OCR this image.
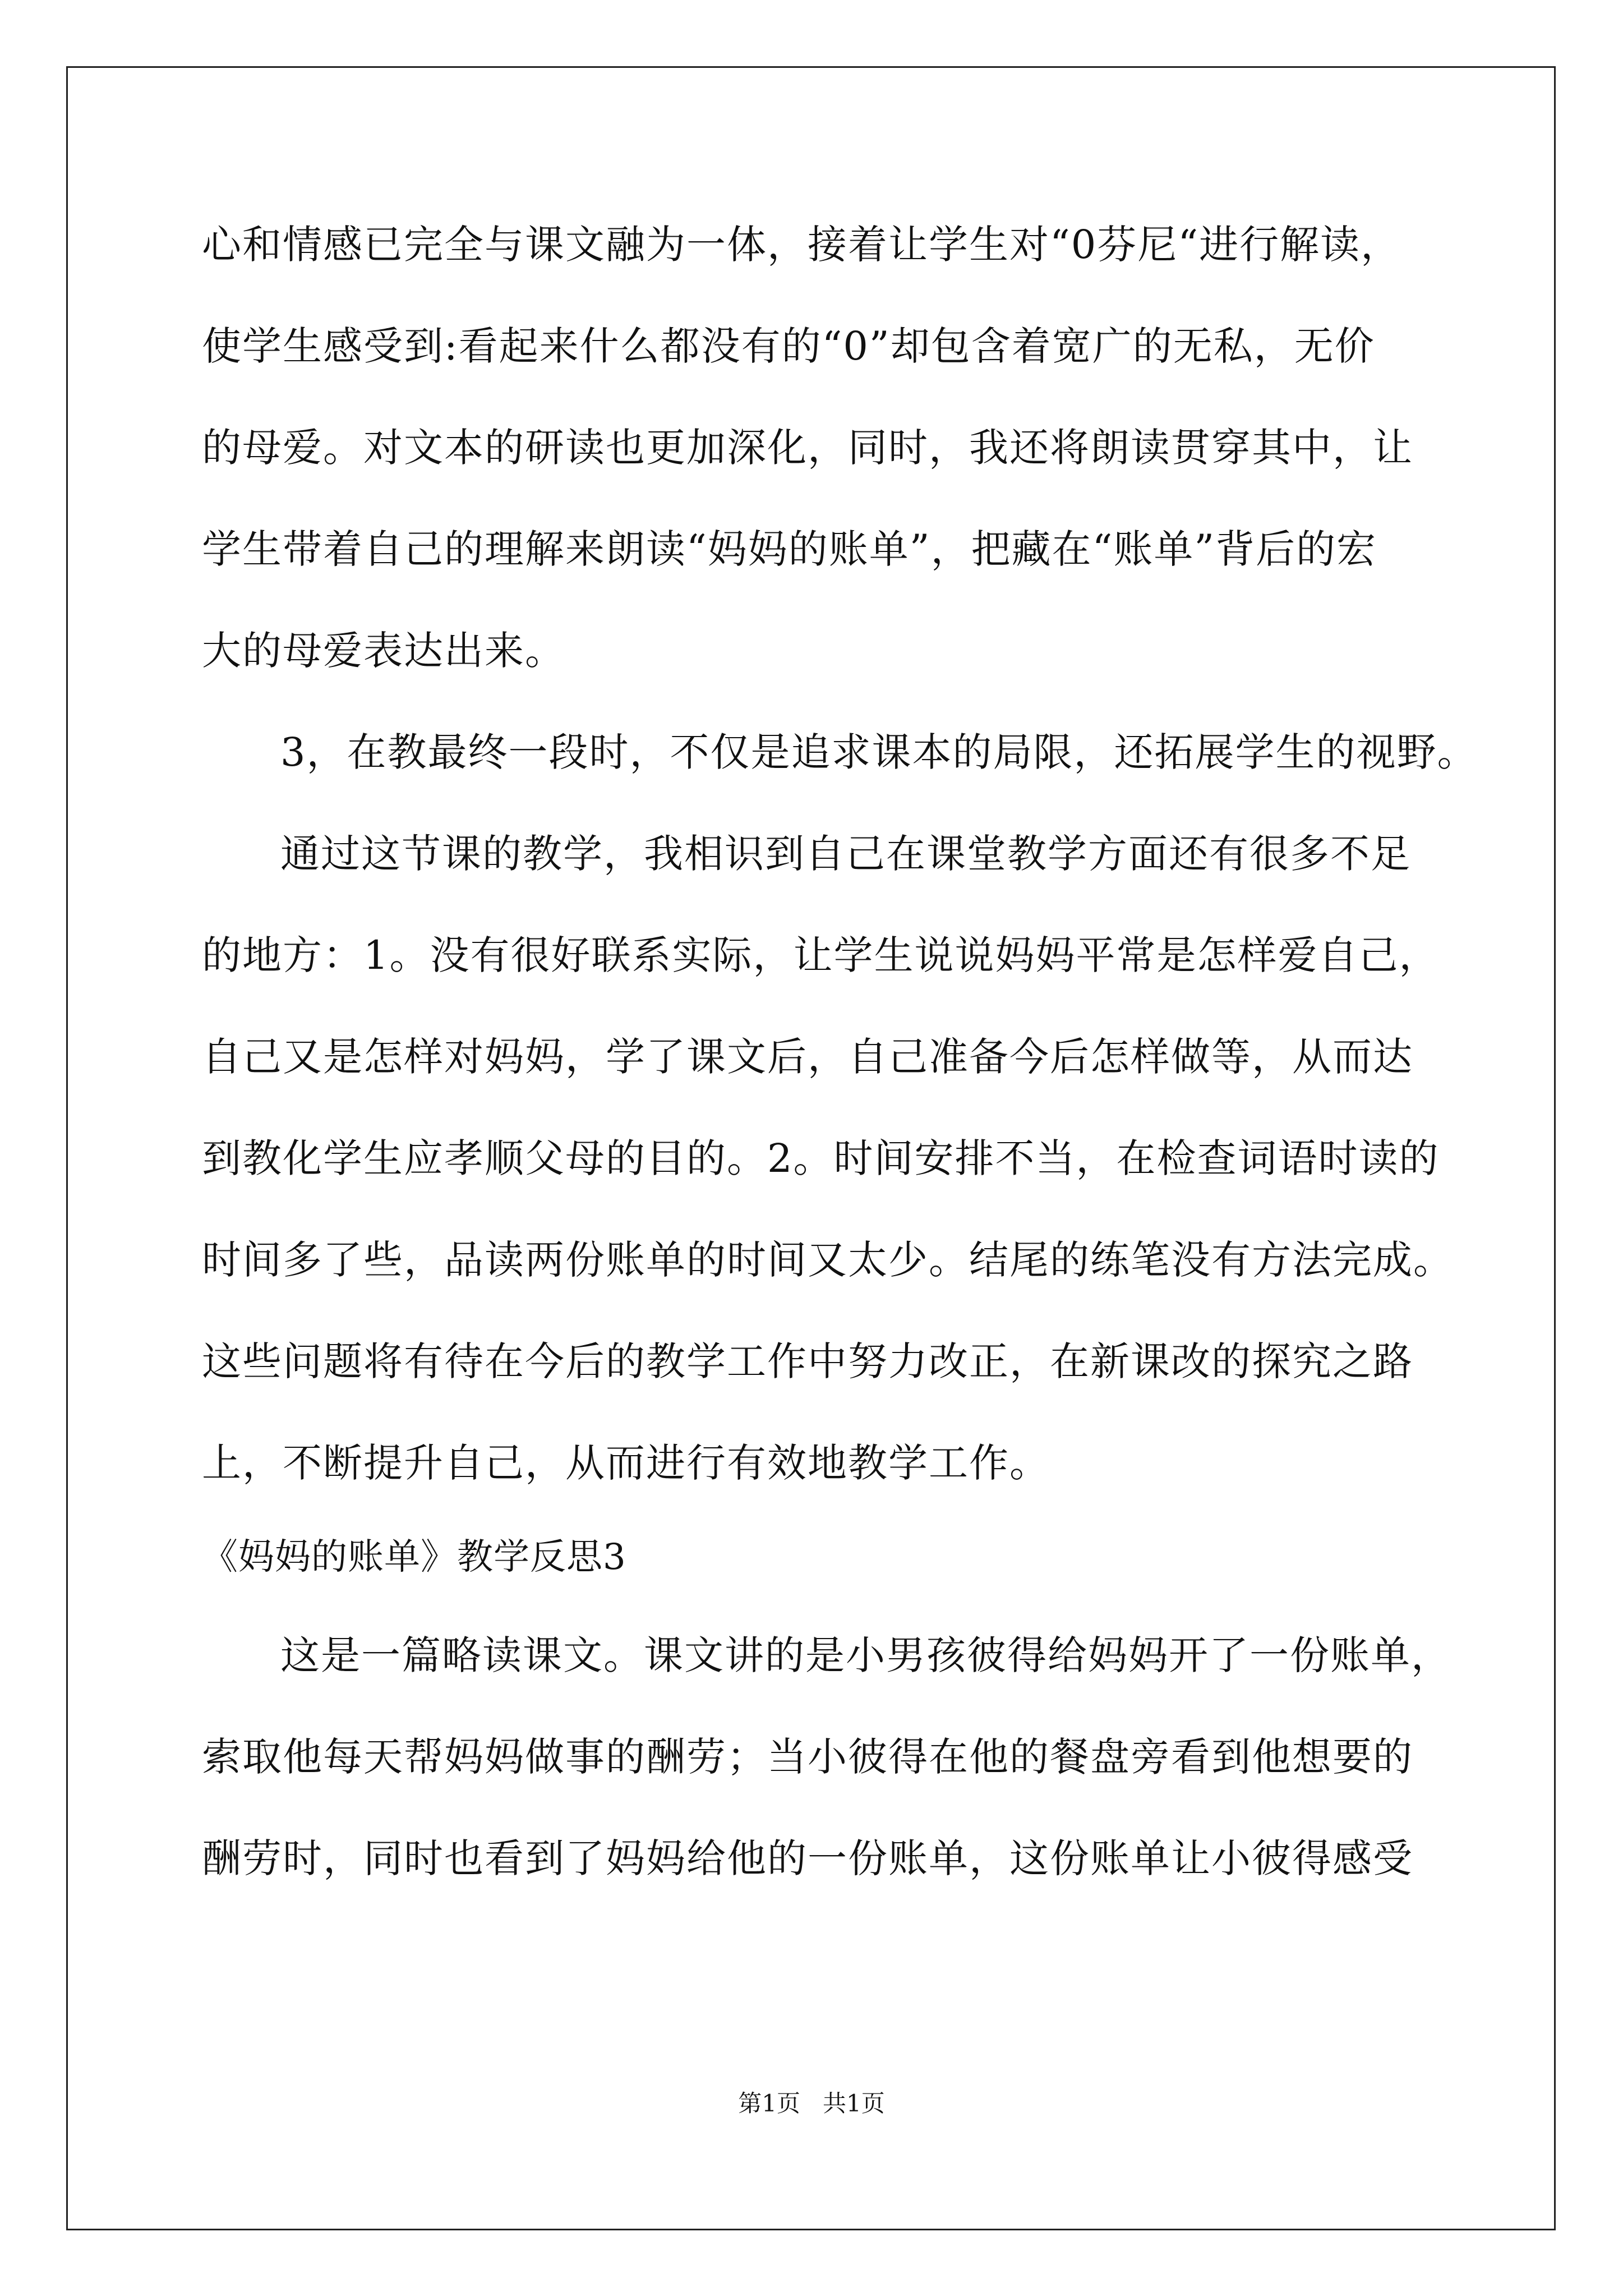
心和情感已完全与课文融为一体，接着让学生对“0芬尼“进行解读，
使学生感受到:看起来什么都没有的“0”却包含着宽广的无私，无价
的母爱。对文本的研读也更加深化，同时，我还将朗读贯穿其中，让
学生带着自己的理解来朗读“妈妈的账单”，把藏在“账单”背后的宏
大的母爱表达出来。
3，在教最终一段时，不仅是追求课本的局限，还拓展学生的视野。
通过这节课的教学，我相识到自己在课堂教学方面还有很多不足
的地方：1。没有很好联系实际，让学生说说妈妈平常是怎样爱自己，
自己又是怎样对妈妈，学了课文后，自己准备今后怎样做等，从而达
到教化学生应孝顺父母的目的。2。时间安排不当，在检查词语时读的
时间多了些，品读两份账单的时间又太少。结尾的练笔没有方法完成。
这些问题将有待在今后的教学工作中努力改正，在新课改的探究之路
上，不断提升自己，从而进行有效地教学工作。
《妈妈的账单》教学反思3
这是一篇略读课文。课文讲的是小男孩彼得给妈妈开了一份账单，
索取他每天帮妈妈做事的酬劳；当小彼得在他的餐盘旁看到他想要的
酬劳时，同时也看到了妈妈给他的一份账单，这份账单让小彼得感受
第1页   共1页
